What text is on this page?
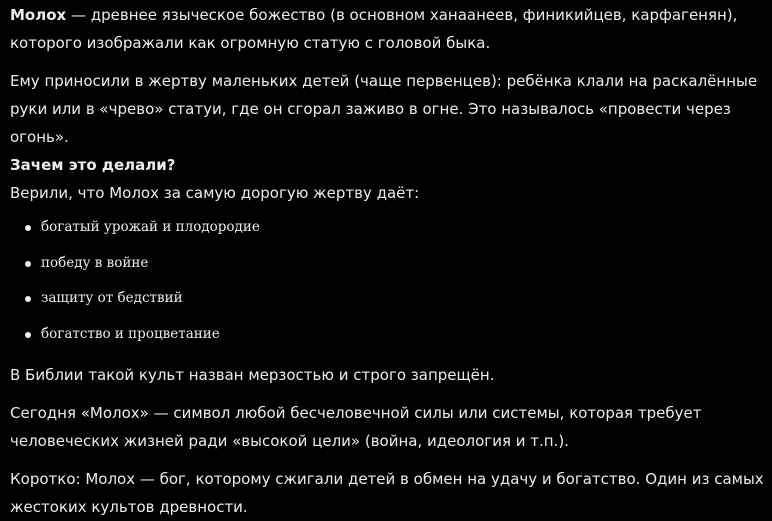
Молох — древнее языческое божество (в основном ханаанеев, финикийцев, карфагенян), которого изображали как огромную статую с головой быка.

Ему приносили в жертву маленьких детей (чаще первенцев): ребёнка клали на раскалённые руки или в «чрево» статуи, где он сгорал заживо в огне. Это называлось «провести через огонь».

Зачем это делали?

Верили, что Молох за самую дорогую жертву даёт:

богатый урожай и плодородие
победу в войне
защиту от бедствий
богатство и процветание

В Библии такой культ назван мерзостью и строго запрещён.

Сегодня «Молох» — символ любой бесчеловечной силы или системы, которая требует человеческих жизней ради «высокой цели» (война, идеология и т.п.).

Коротко: Молох — бог, которому сжигали детей в обмен на удачу и богатство. Один из самых жестоких культов древности.
